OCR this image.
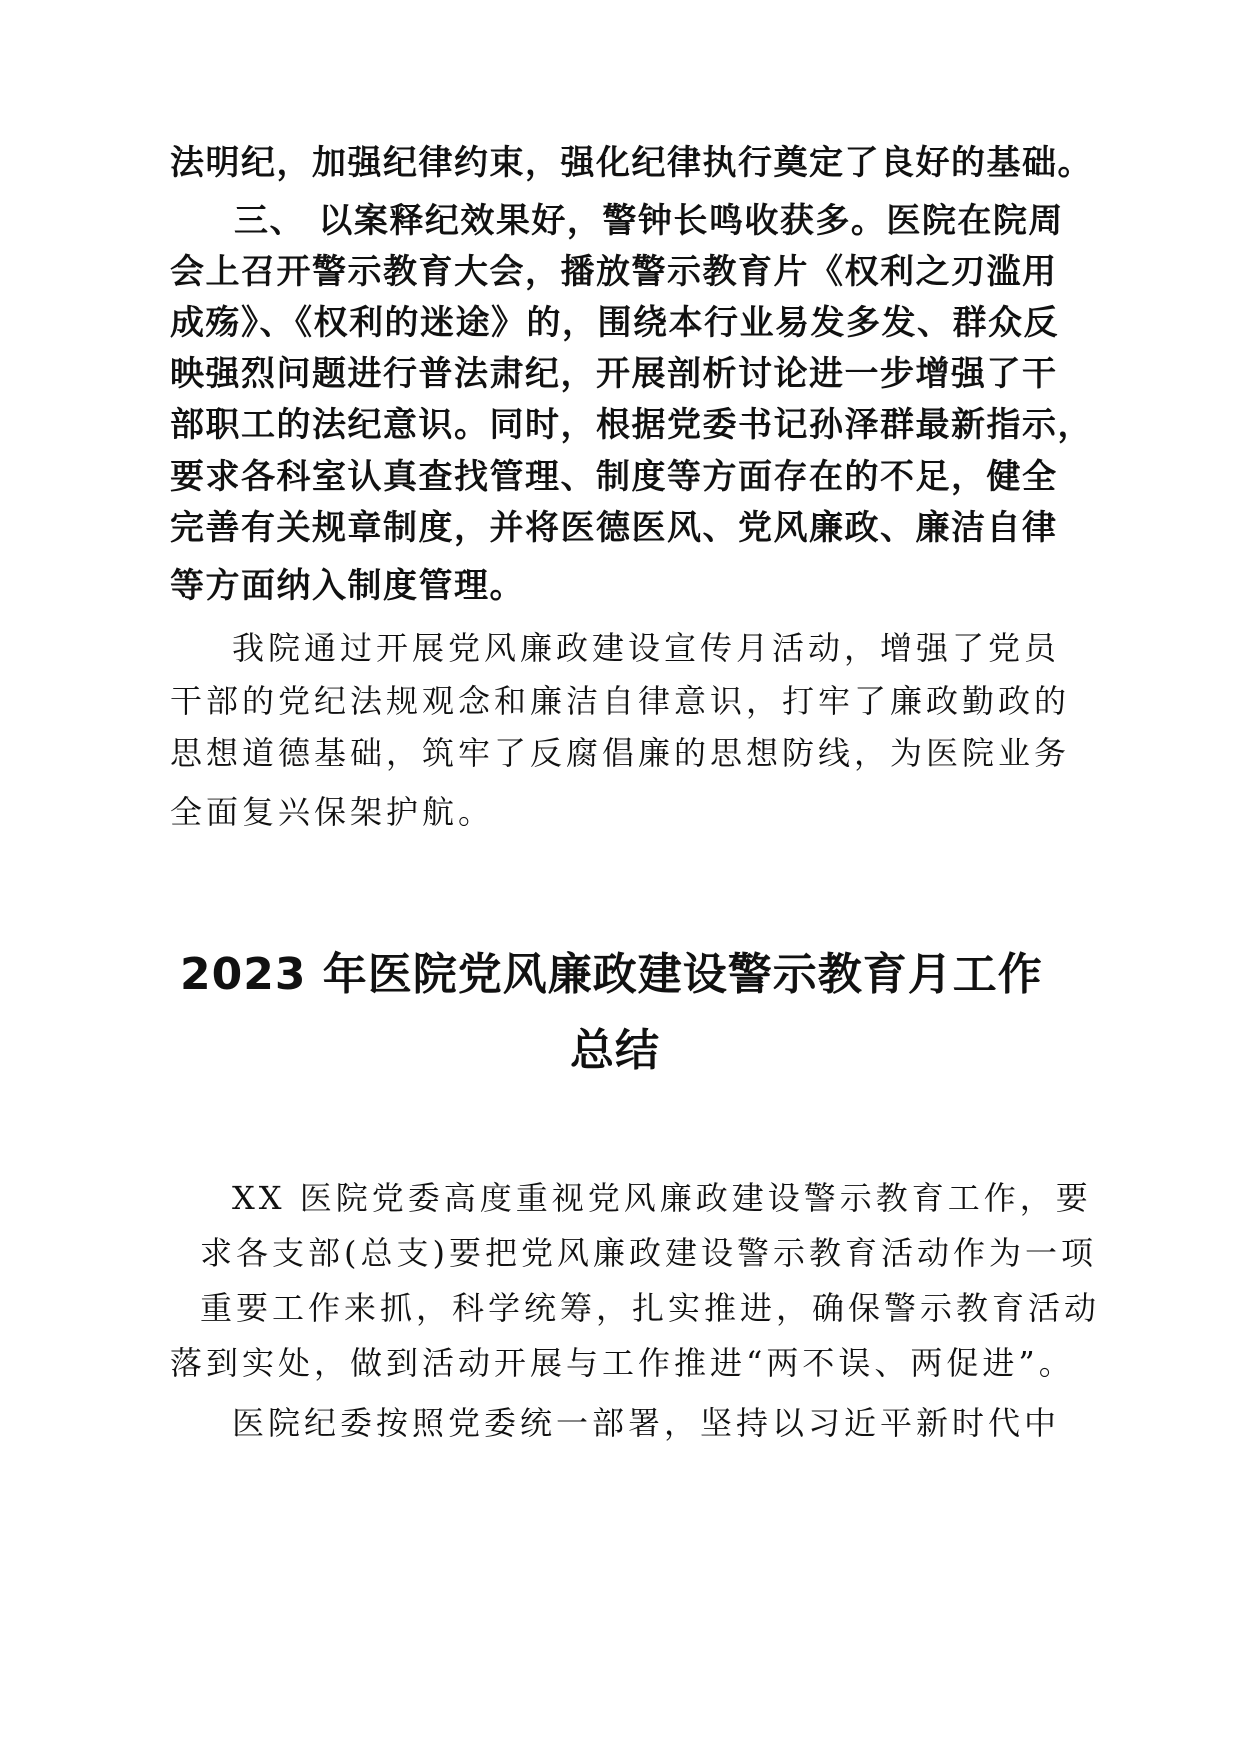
法明纪，加强纪律约束，强化纪律执行奠定了良好的基础。
三、 以案释纪效果好，警钟长鸣收获多。医院在院周
会上召开警示教育大会，播放警示教育片《权利之刃滥用
成殇》、《权利的迷途》的，围绕本行业易发多发、群众反
映强烈问题进行普法肃纪，开展剖析讨论进一步增强了干
部职工的法纪意识。同时，根据党委书记孙泽群最新指示，
要求各科室认真查找管理、制度等方面存在的不足，健全
完善有关规章制度，并将医德医风、党风廉政、廉洁自律
等方面纳入制度管理。
我院通过开展党风廉政建设宣传月活动，增强了党员
干部的党纪法规观念和廉洁自律意识，打牢了廉政勤政的
思想道德基础，筑牢了反腐倡廉的思想防线，为医院业务
全面复兴保架护航。
2023 年医院党风廉政建设警示教育月工作
总结
XX 医院党委高度重视党风廉政建设警示教育工作，要
求各支部(总支)要把党风廉政建设警示教育活动作为一项
重要工作来抓，科学统筹，扎实推进，确保警示教育活动
落到实处，做到活动开展与工作推进“两不误、两促进”。
医院纪委按照党委统一部署，坚持以习近平新时代中
